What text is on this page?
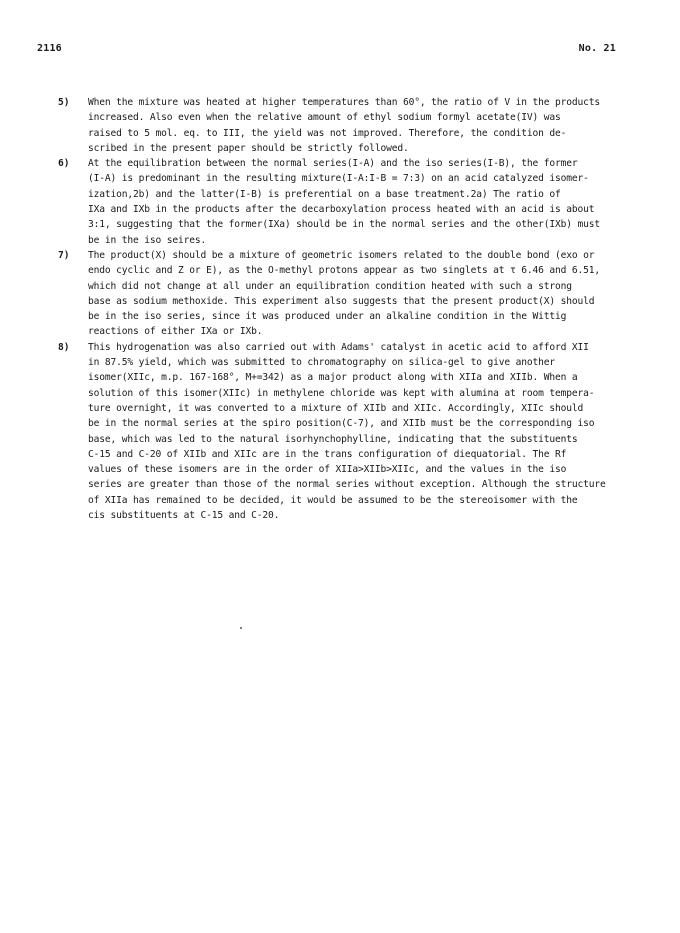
2116	No. 21
5)	When the mixture was heated at higher temperatures than 60°, the ratio of V in the products
increased. Also even when the relative amount of ethyl sodium formyl acetate(IV) was
raised to 5 mol. eq. to III, the yield was not improved. Therefore, the condition de-
scribed in the present paper should be strictly followed.
6)	At the equilibration between the normal series(I-A) and the iso series(I-B), the former
(I-A) is predominant in the resulting mixture(I-A:I-B = 7:3) on an acid catalyzed isomer-
ization,2b) and the latter(I-B) is preferential on a base treatment.2a) The ratio of
IXa and IXb in the products after the decarboxylation process heated with an acid is about
3:1, suggesting that the former(IXa) should be in the normal series and the other(IXb) must
be in the iso seires.
7)	The product(X) should be a mixture of geometric isomers related to the double bond (exo or
endo cyclic and Z or E), as the O-methyl protons appear as two singlets at τ 6.46 and 6.51,
which did not change at all under an equilibration condition heated with such a strong
base as sodium methoxide. This experiment also suggests that the present product(X) should
be in the iso series, since it was produced under an alkaline condition in the Wittig
reactions of either IXa or IXb.
8)	This hydrogenation was also carried out with Adams' catalyst in acetic acid to afford XII
in 87.5% yield, which was submitted to chromatography on silica-gel to give another
isomer(XIIc, m.p. 167-168°, M+=342) as a major product along with XIIa and XIIb. When a
solution of this isomer(XIIc) in methylene chloride was kept with alumina at room tempera-
ture overnight, it was converted to a mixture of XIIb and XIIc. Accordingly, XIIc should
be in the normal series at the spiro position(C-7), and XIIb must be the corresponding iso
base, which was led to the natural isorhynchophylline, indicating that the substituents
C-15 and C-20 of XIIb and XIIc are in the trans configuration of diequatorial. The Rf
values of these isomers are in the order of XIIa>XIIb>XIIc, and the values in the iso
series are greater than those of the normal series without exception. Although the structure
of XIIa has remained to be decided, it would be assumed to be the stereoisomer with the
cis substituents at C-15 and C-20.
